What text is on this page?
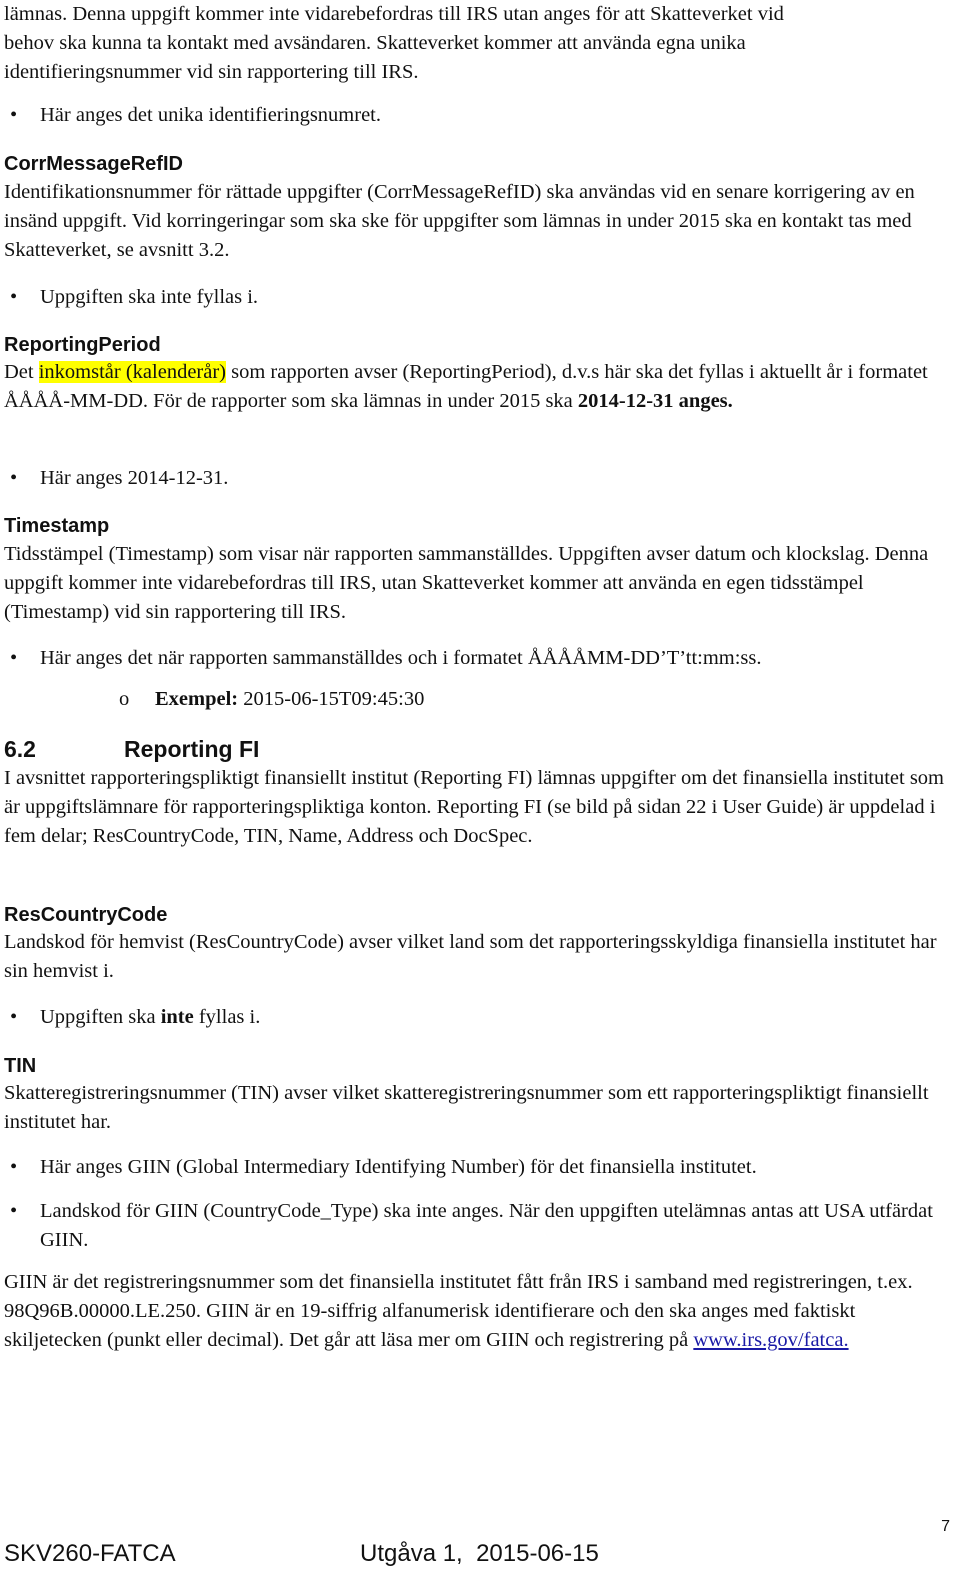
lämnas. Denna uppgift kommer inte vidarebefordras till IRS utan anges för att Skatteverket vid
behov ska kunna ta kontakt med avsändaren. Skatteverket kommer att använda egna unika
identifieringsnummer vid sin rapportering till IRS.

•	Här anges det unika identifieringsnumret.
CorrMessageRefID

Identifikationsnummer för rättade uppgifter (CorrMessageRefID) ska användas vid en senare korrigering av en insänd uppgift. Vid korringeringar som ska ske för uppgifter som lämnas in under 2015 ska en kontakt tas med Skatteverket, se avsnitt 3.2.

•	Uppgiften ska inte fyllas i.
ReportingPeriod

Det inkomstår (kalenderår) som rapporten avser (ReportingPeriod), d.v.s här ska det fyllas i aktuellt år i formatet ÅÅÅÅ-MM-DD. För de rapporter som ska lämnas in under 2015 ska 2014-12-31 anges.

•	Här anges 2014-12-31.
Timestamp

Tidsstämpel (Timestamp) som visar när rapporten sammanställdes. Uppgiften avser datum och klockslag. Denna uppgift kommer inte vidarebefordras till IRS, utan Skatteverket kommer att använda en egen tidsstämpel (Timestamp) vid sin rapportering till IRS.

•	Här anges det när rapporten sammanställdes och i formatet ÅÅÅÅMM-DD’T’tt:mm:ss.
o Exempel: 2015-06-15T09:45:30
6.2	Reporting FI

I avsnittet rapporteringspliktigt finansiellt institut (Reporting FI) lämnas uppgifter om det finansiella institutet som är uppgiftslämnare för rapporteringspliktiga konton. Reporting FI (se bild på sidan 22 i User Guide) är uppdelad i fem delar; ResCountryCode, TIN, Name, Address och DocSpec.

ResCountryCode

Landskod för hemvist (ResCountryCode) avser vilket land som det rapporteringsskyldiga finansiella institutet har sin hemvist i.

•	Uppgiften ska inte fyllas i.
TIN

Skatteregistreringsnummer (TIN) avser vilket skatteregistreringsnummer som ett rapporteringspliktigt finansiellt institutet har.

•	Här anges GIIN (Global Intermediary Identifying Number) för det finansiella institutet.
•	Landskod för GIIN (CountryCode_Type) ska inte anges. När den uppgiften utelämnas antas att USA utfärdat GIIN.

GIIN är det registreringsnummer som det finansiella institutet fått från IRS i samband med registreringen, t.ex. 98Q96B.00000.LE.250. GIIN är en 19-siffrig alfanumerisk identifierare och den ska anges med faktiskt skiljetecken (punkt eller decimal). Det går att läsa mer om GIIN och registrering på www.irs.gov/fatca.

7
SKV260-FATCA	Utgåva 1,  2015-06-15
